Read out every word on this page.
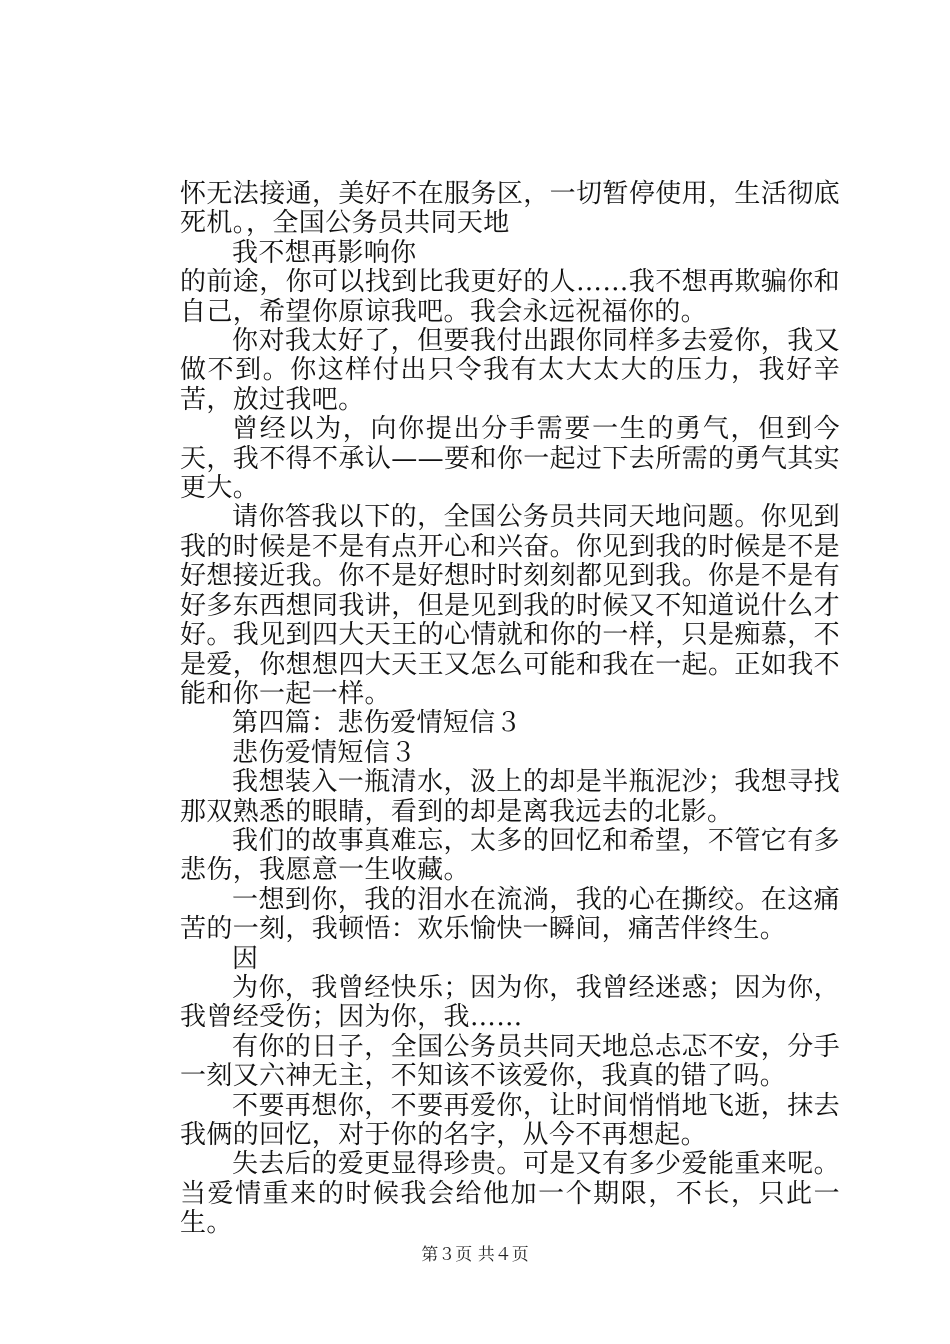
怀无法接通，美好不在服务区，一切暂停使用，生活彻底死机。，全国公务员共同天地

我不想再影响你

的前途，你可以找到比我更好的人……我不想再欺骗你和自己，希望你原谅我吧。我会永远祝福你的。

你对我太好了，但要我付出跟你同样多去爱你，我又做不到。你这样付出只令我有太大太大的压力，我好辛苦，放过我吧。

曾经以为，向你提出分手需要一生的勇气，但到今天，我不得不承认——要和你一起过下去所需的勇气其实更大。

请你答我以下的，全国公务员共同天地问题。你见到我的时候是不是有点开心和兴奋。你见到我的时候是不是好想接近我。你不是好想时时刻刻都见到我。你是不是有好多东西想同我讲，但是见到我的时候又不知道说什么才好。我见到四大天王的心情就和你的一样，只是痴慕，不是爱，你想想四大天王又怎么可能和我在一起。正如我不能和你一起一样。

第四篇：悲伤爱情短信３

悲伤爱情短信３

我想装入一瓶清水，汲上的却是半瓶泥沙；我想寻找那双熟悉的眼睛，看到的却是离我远去的北影。

我们的故事真难忘，太多的回忆和希望，不管它有多悲伤，我愿意一生收藏。

一想到你，我的泪水在流淌，我的心在撕绞。在这痛苦的一刻，我顿悟：欢乐愉快一瞬间，痛苦伴终生。

因

为你，我曾经快乐；因为你，我曾经迷惑；因为你，我曾经受伤；因为你，我……

有你的日子，全国公务员共同天地总忐忑不安，分手一刻又六神无主，不知该不该爱你，我真的错了吗。

不要再想你，不要再爱你，让时间悄悄地飞逝，抹去我俩的回忆，对于你的名字，从今不再想起。

失去后的爱更显得珍贵。可是又有多少爱能重来呢。当爱情重来的时候我会给他加一个期限，不长，只此一生。

第３页 共４页
